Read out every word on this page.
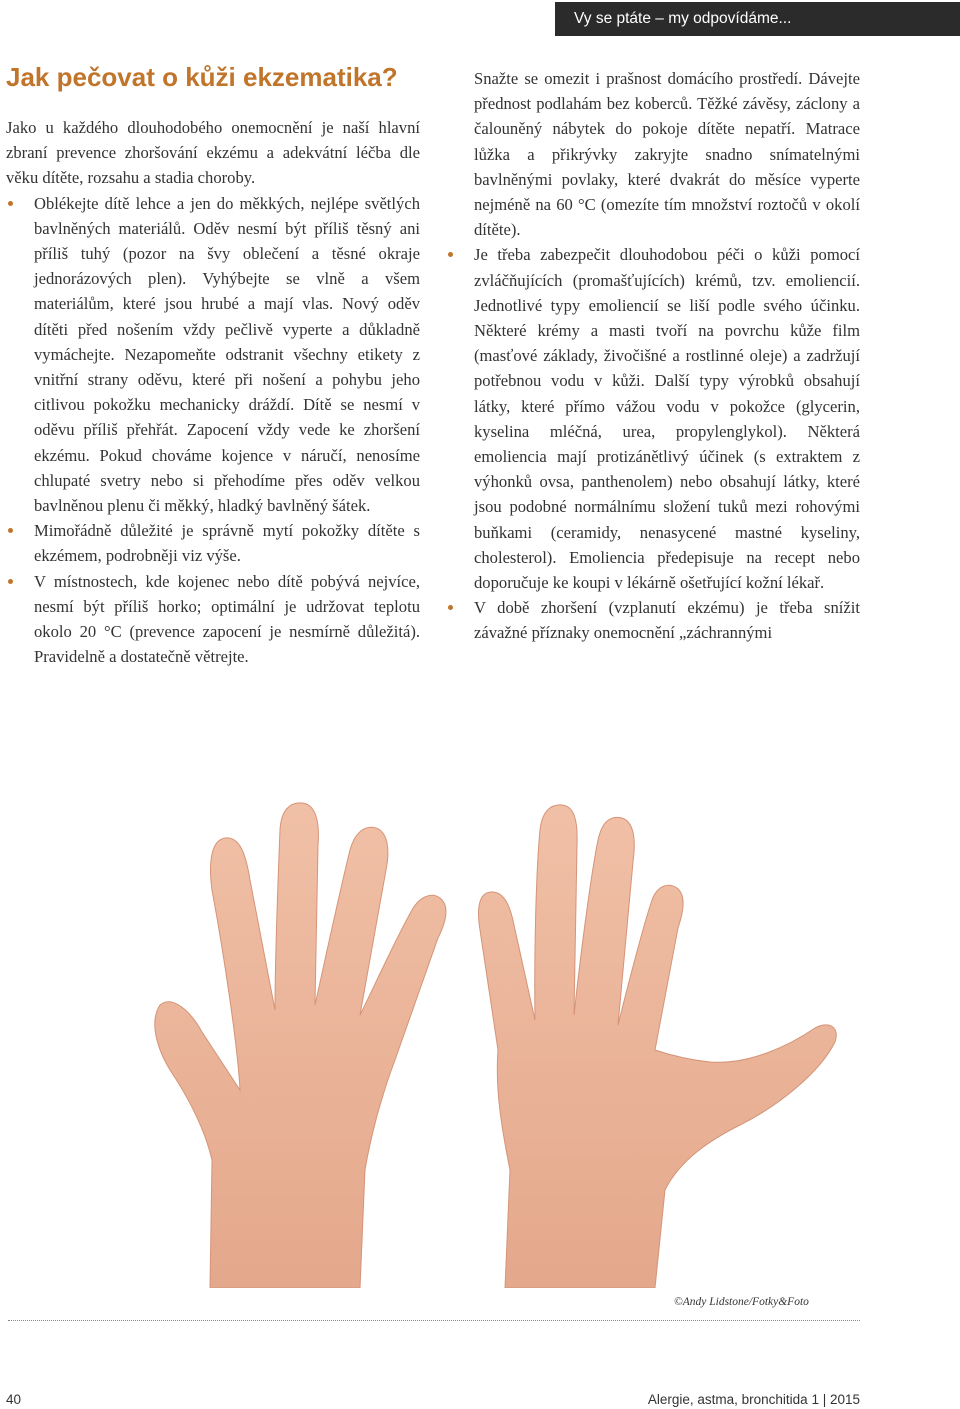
Vy se ptáte – my odpovídáme...
Jak pečovat o kůži ekzematika?

Jako u každého dlouhodobého onemocnění je naší hlavní zbraní prevence zhoršování ekzému a adekvátní léčba dle věku dítěte, rozsahu a stadia choroby.

Oblékejte dítě lehce a jen do měkkých, nejlépe světlých bavlněných materiálů. Oděv nesmí být příliš těsný ani příliš tuhý (pozor na švy oblečení a těsné okraje jednorázových plen). Vyhýbejte se vlně a všem materiálům, které jsou hrubé a mají vlas. Nový oděv dítěti před nošením vždy pečlivě vyperte a důkladně vymáchejte. Nezapomeňte odstranit všechny etikety z vnitřní strany oděvu, které při nošení a pohybu jeho citlivou pokožku mechanicky dráždí. Dítě se nesmí v oděvu příliš přehřát. Zapocení vždy vede ke zhoršení ekzému. Pokud chováme kojence v náručí, nenosíme chlupaté svetry nebo si přehodíme přes oděv velkou bavlněnou plenu či měkký, hladký bavlněný šátek.
Mimořádně důležité je správně mytí pokožky dítěte s ekzémem, podrobněji viz výše.
V místnostech, kde kojenec nebo dítě pobývá nejvíce, nesmí být příliš horko; optimální je udržovat teplotu okolo 20 °C (prevence zapocení je nesmírně důležitá). Pravidelně a dostatečně větrejte.

Snažte se omezit i prašnost domácího prostředí. Dávejte přednost podlahám bez koberců. Těžké závěsy, záclony a čalouněný nábytek do pokoje dítěte nepatří. Matrace lůžka a přikrývky zakryjte snadno snímatelnými bavlněnými povlaky, které dvakrát do měsíce vyperte nejméně na 60 °C (omezíte tím množství roztočů v okolí dítěte).

Je třeba zabezpečit dlouhodobou péči o kůži pomocí zvláčňujících (promašťujících) krémů, tzv. emoliencií. Jednotlivé typy emoliencií se liší podle svého účinku. Některé krémy a masti tvoří na povrchu kůže film (masťové základy, živočišné a rostlinné oleje) a zadržují potřebnou vodu v kůži. Další typy výrobků obsahují látky, které přímo vážou vodu v pokožce (glycerin, kyselina mléčná, urea, propylenglykol). Některá emoliencia mají protizánětlivý účinek (s extraktem z výhonků ovsa, panthenolem) nebo obsahují látky, které jsou podobné normálnímu složení tuků mezi rohovými buňkami (ceramidy, nenasycené mastné kyseliny, cholesterol). Emoliencia předepisuje na recept nebo doporučuje ke koupi v lékárně ošetřující kožní lékař.
V době zhoršení (vzplanutí ekzému) je třeba snížit závažné příznaky onemocnění „záchrannými
©Andy Lidstone/Fotky&Foto
40	Alergie, astma, bronchitida 1 | 2015
